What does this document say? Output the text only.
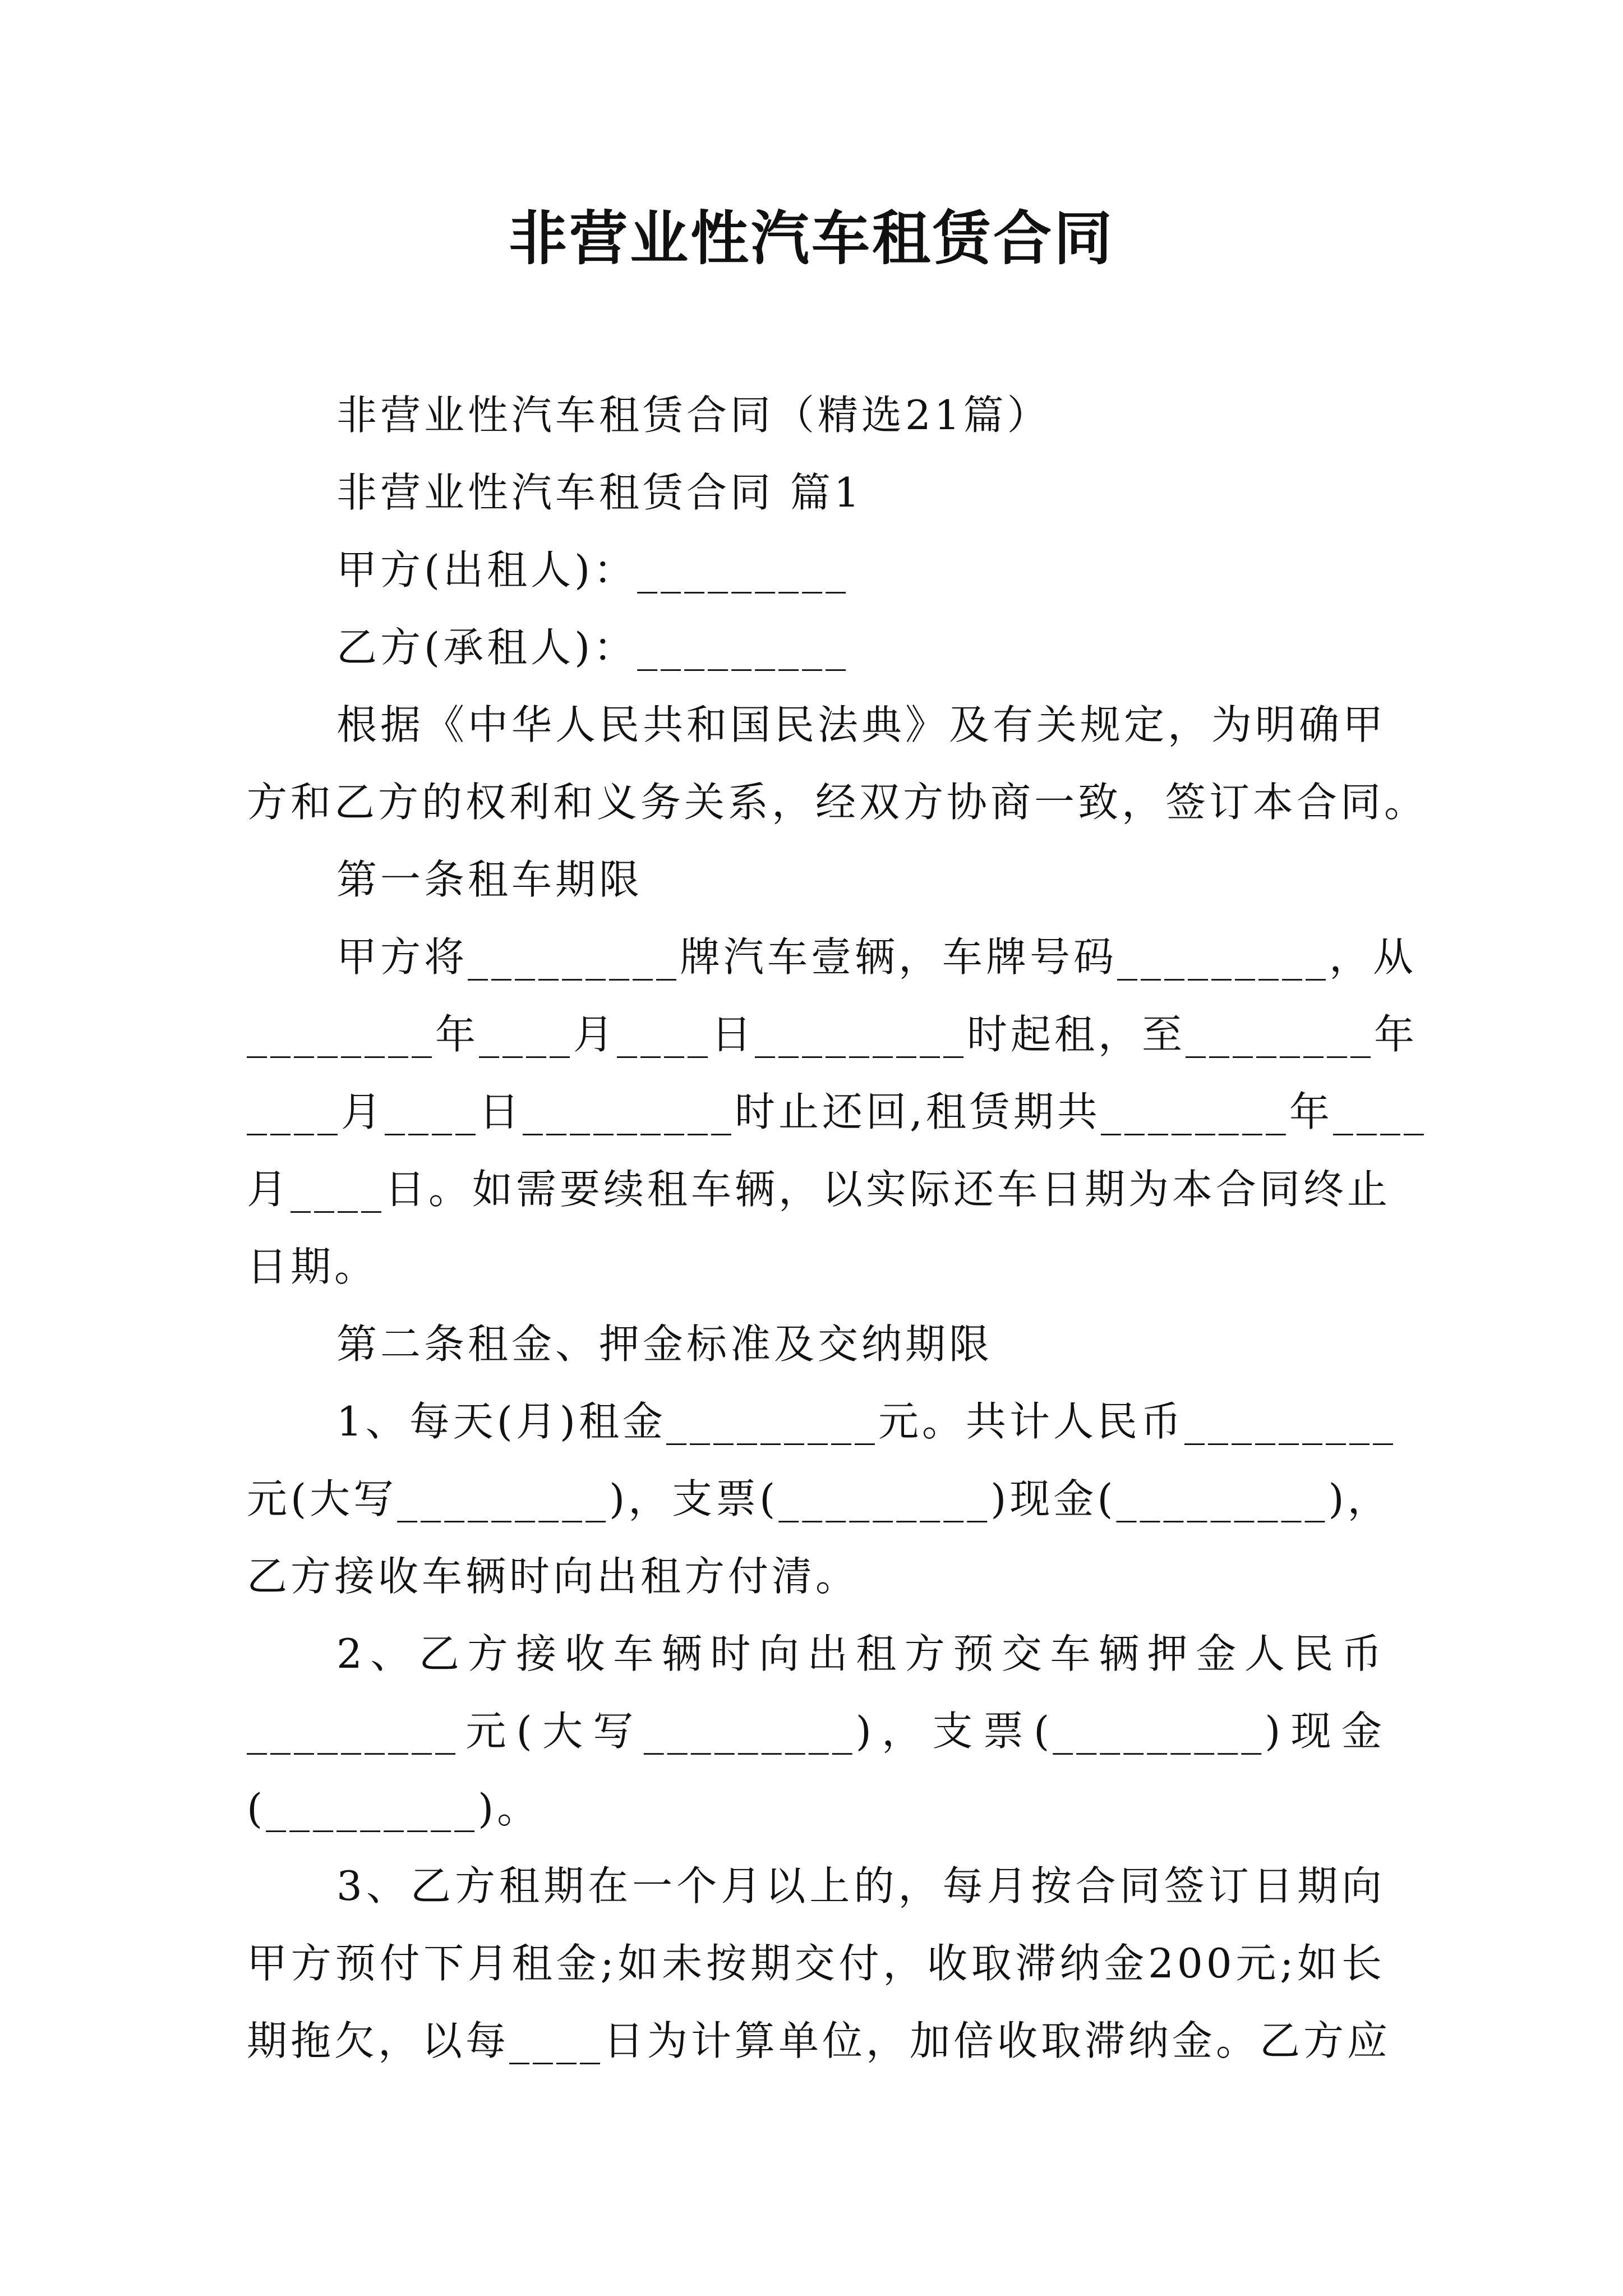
非营业性汽车租赁合同
非营业性汽车租赁合同（精选21篇）
非营业性汽车租赁合同 篇1
甲方(出租人)：_________
乙方(承租人)：_________
根据《中华人民共和国民法典》及有关规定，为明确甲
方和乙方的权利和义务关系，经双方协商一致，签订本合同。
第一条租车期限
甲方将_________牌汽车壹辆，车牌号码_________，从
________年____月____日_________时起租，至________年
____月____日_________时止还回,租赁期共________年____
月____日。如需要续租车辆，以实际还车日期为本合同终止
日期。
第二条租金、押金标准及交纳期限
1、每天(月)租金_________元。共计人民币_________
元(大写_________)，支票(_________)现金(_________)，
乙方接收车辆时向出租方付清。
2、乙方接收车辆时向出租方预交车辆押金人民币
_________元(大写_________)，支票(_________)现金
(_________)。
3、乙方租期在一个月以上的，每月按合同签订日期向
甲方预付下月租金;如未按期交付，收取滞纳金200元;如长
期拖欠，以每____日为计算单位，加倍收取滞纳金。乙方应
